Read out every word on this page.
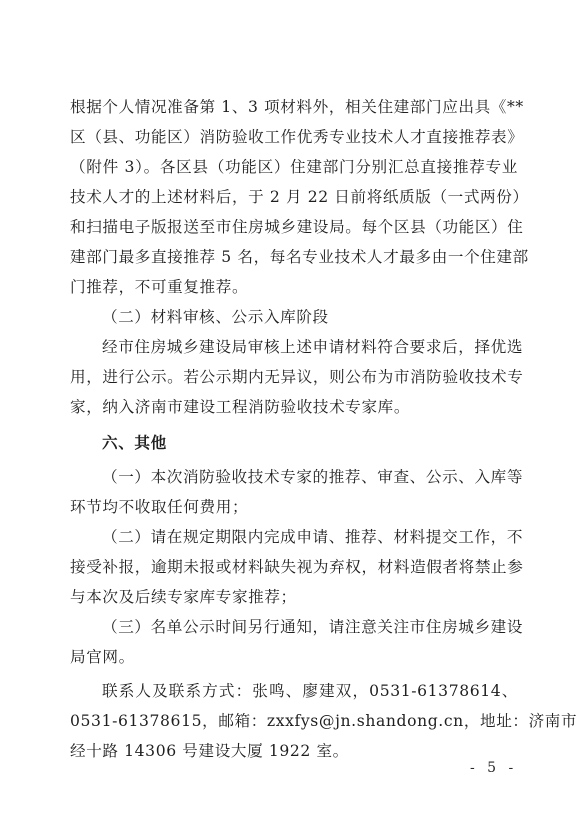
根据个人情况准备第 1、3 项材料外，相关住建部门应出具《**
区（县、功能区）消防验收工作优秀专业技术人才直接推荐表》
（附件 3）。各区县（功能区）住建部门分别汇总直接推荐专业
技术人才的上述材料后，于 2 月 22 日前将纸质版（一式两份）
和扫描电子版报送至市住房城乡建设局。每个区县（功能区）住
建部门最多直接推荐 5 名，每名专业技术人才最多由一个住建部
门推荐，不可重复推荐。
（二）材料审核、公示入库阶段
经市住房城乡建设局审核上述申请材料符合要求后，择优选
用，进行公示。若公示期内无异议，则公布为市消防验收技术专
家，纳入济南市建设工程消防验收技术专家库。
六、其他
（一）本次消防验收技术专家的推荐、审查、公示、入库等
环节均不收取任何费用；
（二）请在规定期限内完成申请、推荐、材料提交工作，不
接受补报，逾期未报或材料缺失视为弃权，材料造假者将禁止参
与本次及后续专家库专家推荐；
（三）名单公示时间另行通知，请注意关注市住房城乡建设
局官网。
联系人及联系方式：张鸣、廖建双，0531-61378614、
0531-61378615，邮箱：zxxfys@jn.shandong.cn，地址：济南市
经十路 14306 号建设大厦 1922 室。
- 5 -
